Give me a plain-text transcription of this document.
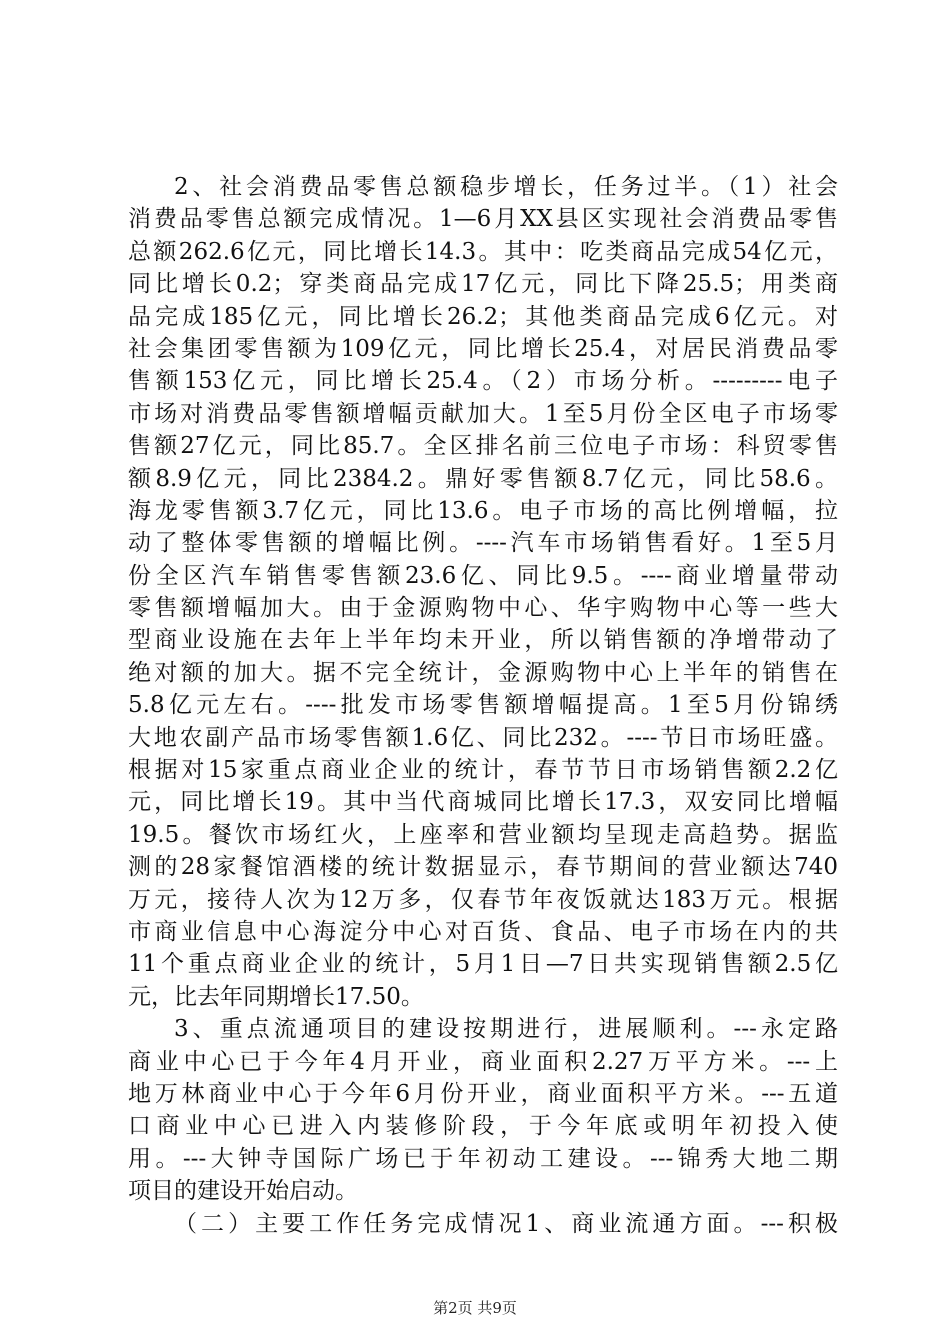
2、社会消费品零售总额稳步增长，任务过半。（1）社会
消费品零售总额完成情况。1—6月XX县区实现社会消费品零售
总额262.6亿元，同比增长14.3。其中：吃类商品完成54亿元，
同比增长0.2；穿类商品完成17亿元，同比下降25.5；用类商
品完成185亿元，同比增长26.2；其他类商品完成6亿元。对
社会集团零售额为109亿元，同比增长25.4，对居民消费品零
售额153亿元，同比增长25.4。（2）市场分析。---------电子
市场对消费品零售额增幅贡献加大。1至5月份全区电子市场零
售额27亿元，同比85.7。全区排名前三位电子市场：科贸零售
额8.9亿元，同比2384.2。鼎好零售额8.7亿元，同比58.6。
海龙零售额3.7亿元，同比13.6。电子市场的高比例增幅，拉
动了整体零售额的增幅比例。----汽车市场销售看好。1至5月
份全区汽车销售零售额23.6亿、同比9.5。----商业增量带动
零售额增幅加大。由于金源购物中心、华宇购物中心等一些大
型商业设施在去年上半年均未开业，所以销售额的净增带动了
绝对额的加大。据不完全统计，金源购物中心上半年的销售在
5.8亿元左右。----批发市场零售额增幅提高。1至5月份锦绣
大地农副产品市场零售额1.6亿、同比232。----节日市场旺盛。
根据对15家重点商业企业的统计，春节节日市场销售额2.2亿
元，同比增长19。其中当代商城同比增长17.3，双安同比增幅
19.5。餐饮市场红火，上座率和营业额均呈现走高趋势。据监
测的28家餐馆酒楼的统计数据显示，春节期间的营业额达740
万元，接待人次为12万多，仅春节年夜饭就达183万元。根据
市商业信息中心海淀分中心对百货、食品、电子市场在内的共
11个重点商业企业的统计，5月1日—7日共实现销售额2.5亿
元，比去年同期增长17.50。
3、重点流通项目的建设按期进行，进展顺利。---永定路
商业中心已于今年4月开业，商业面积2.27万平方米。---上
地万林商业中心于今年6月份开业，商业面积平方米。---五道
口商业中心已进入内装修阶段，于今年底或明年初投入使
用。---大钟寺国际广场已于年初动工建设。---锦秀大地二期
项目的建设开始启动。
（二）主要工作任务完成情况1、商业流通方面。---积极
第2页 共9页
